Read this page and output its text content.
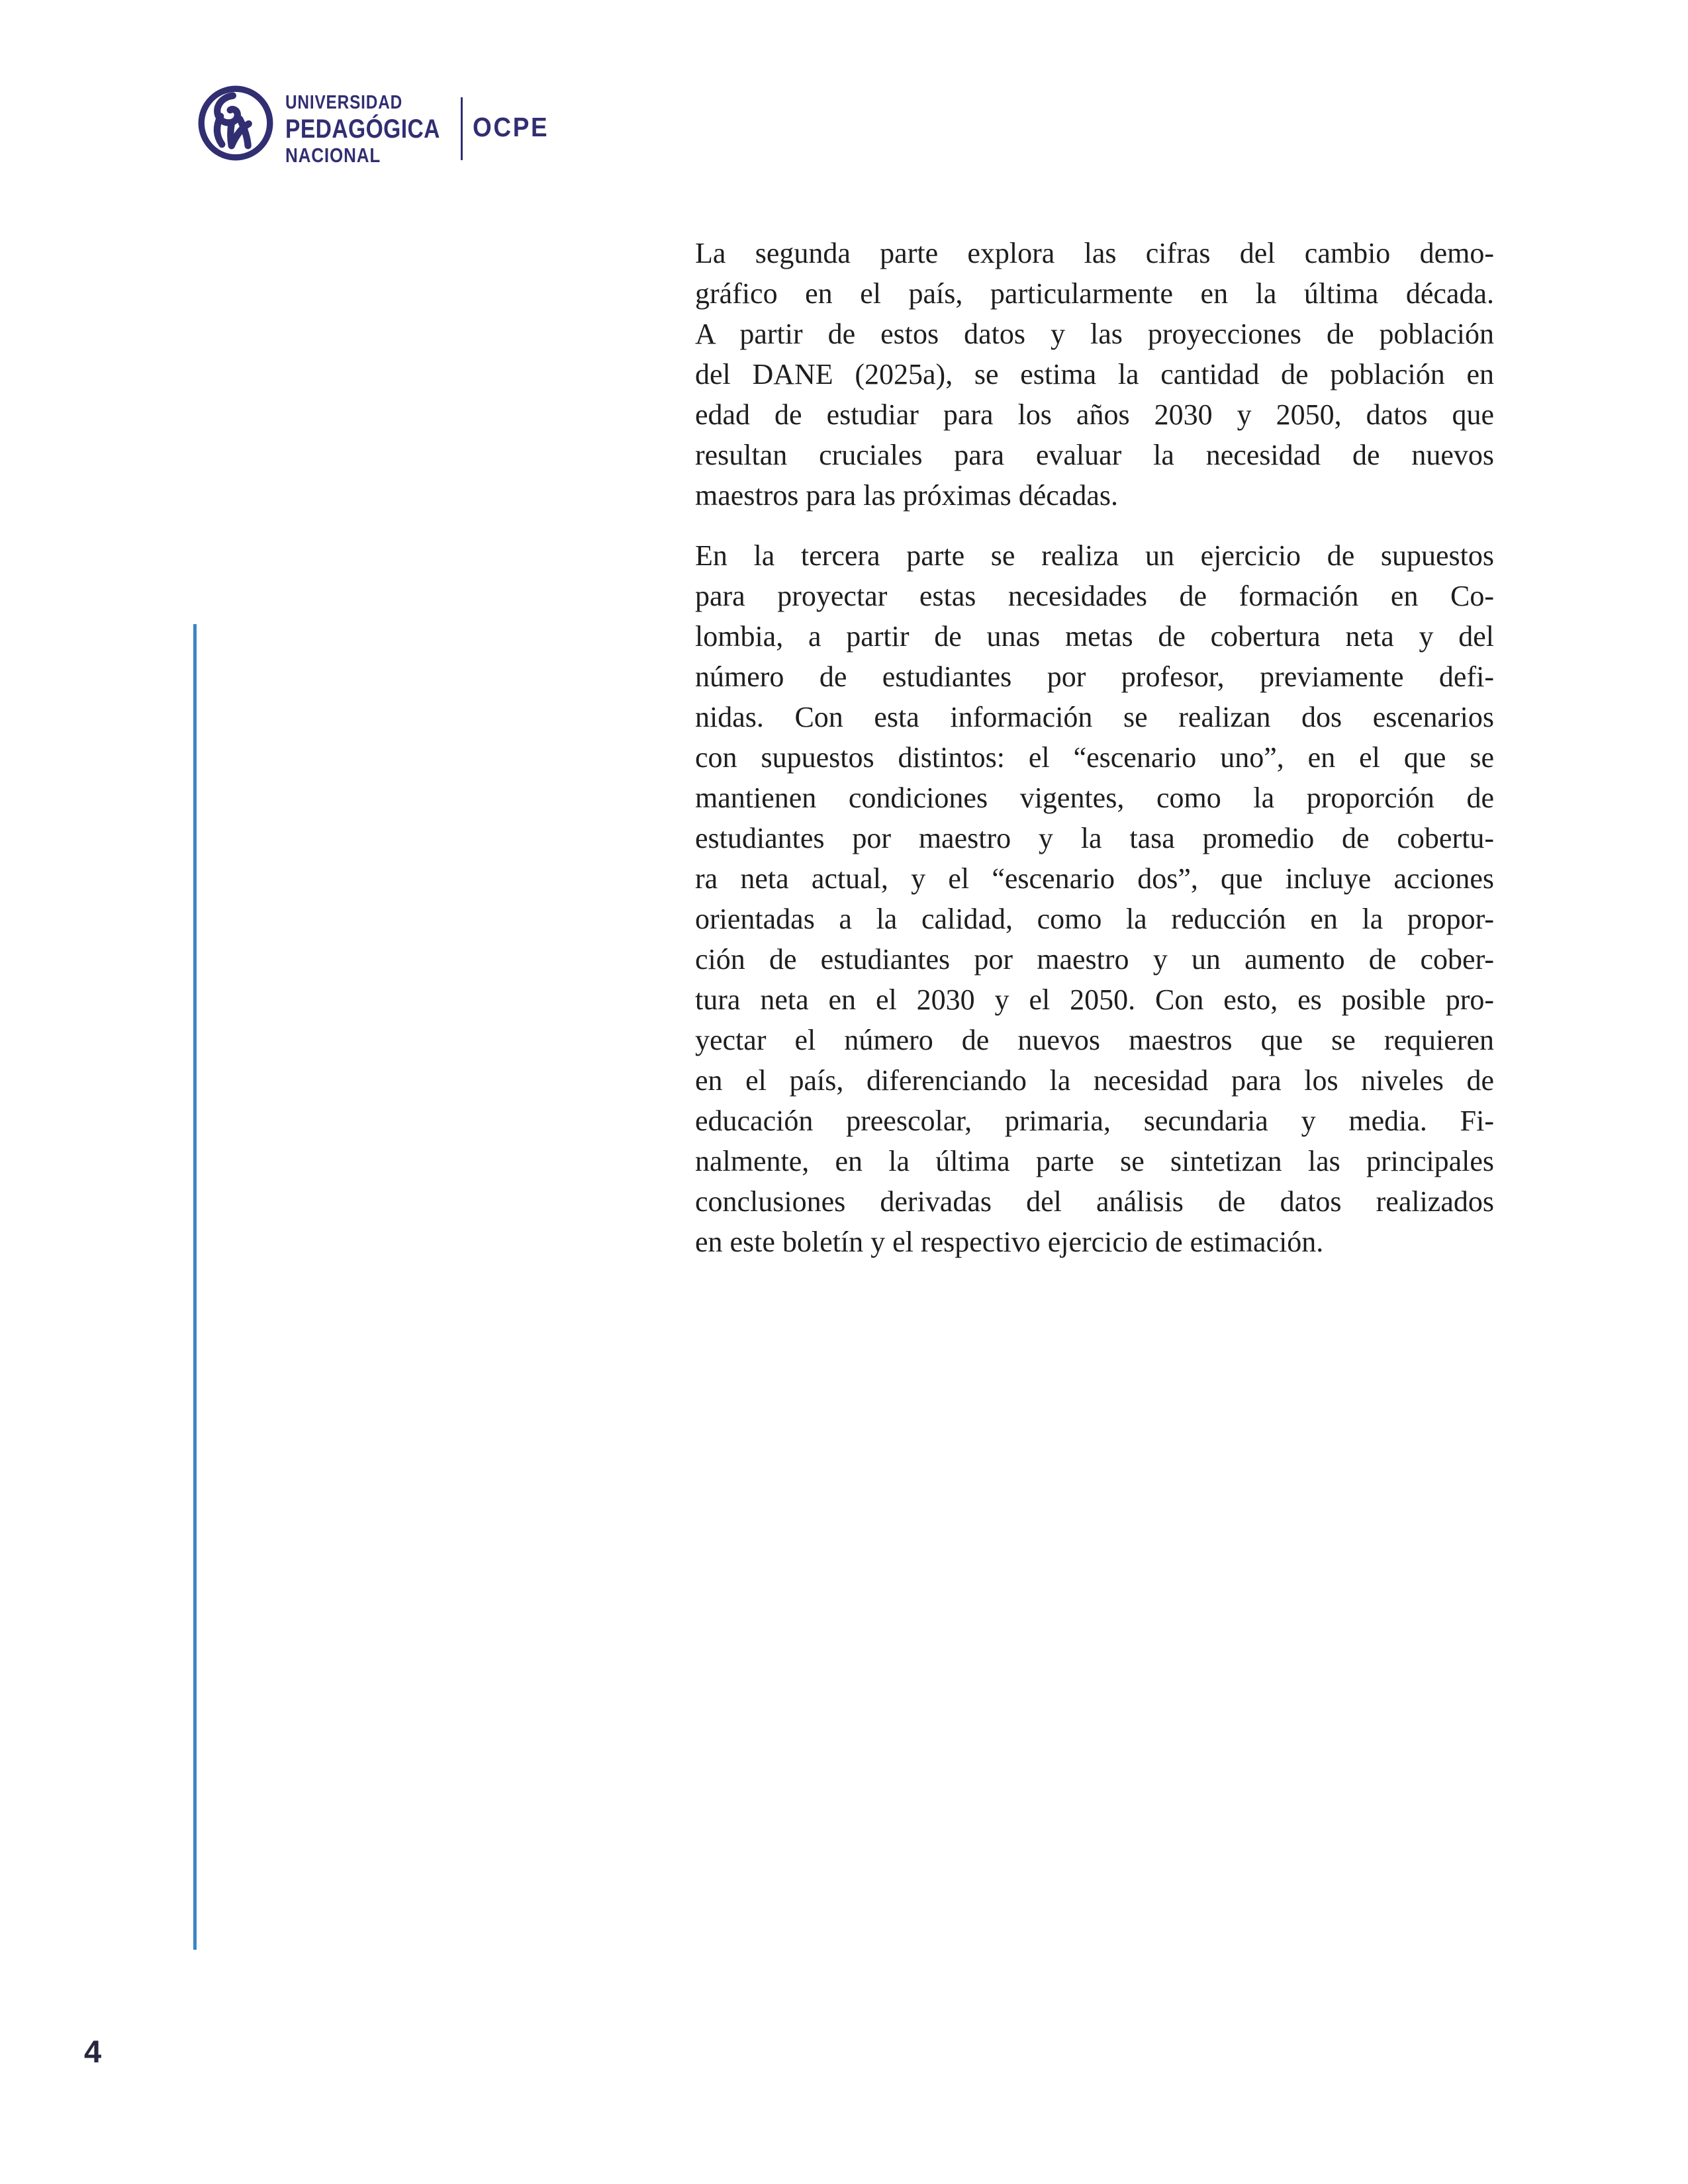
UNIVERSIDAD
PEDAGÓGICA
NACIONAL
OCPE
La segunda parte explora las cifras del cambio demo-
gráfico en el país, particularmente en la última década.
A partir de estos datos y las proyecciones de población
del DANE (2025a), se estima la cantidad de población en
edad de estudiar para los años 2030 y 2050, datos que
resultan cruciales para evaluar la necesidad de nuevos
maestros para las próximas décadas.
En la tercera parte se realiza un ejercicio de supuestos
para proyectar estas necesidades de formación en Co-
lombia, a partir de unas metas de cobertura neta y del
número de estudiantes por profesor, previamente defi-
nidas. Con esta información se realizan dos escenarios
con supuestos distintos: el “escenario uno”, en el que se
mantienen condiciones vigentes, como la proporción de
estudiantes por maestro y la tasa promedio de cobertu-
ra neta actual, y el “escenario dos”, que incluye acciones
orientadas a la calidad, como la reducción en la propor-
ción de estudiantes por maestro y un aumento de cober-
tura neta en el 2030 y el 2050. Con esto, es posible pro-
yectar el número de nuevos maestros que se requieren
en el país, diferenciando la necesidad para los niveles de
educación preescolar, primaria, secundaria y media. Fi-
nalmente, en la última parte se sintetizan las principales
conclusiones derivadas del análisis de datos realizados
en este boletín y el respectivo ejercicio de estimación.
4
